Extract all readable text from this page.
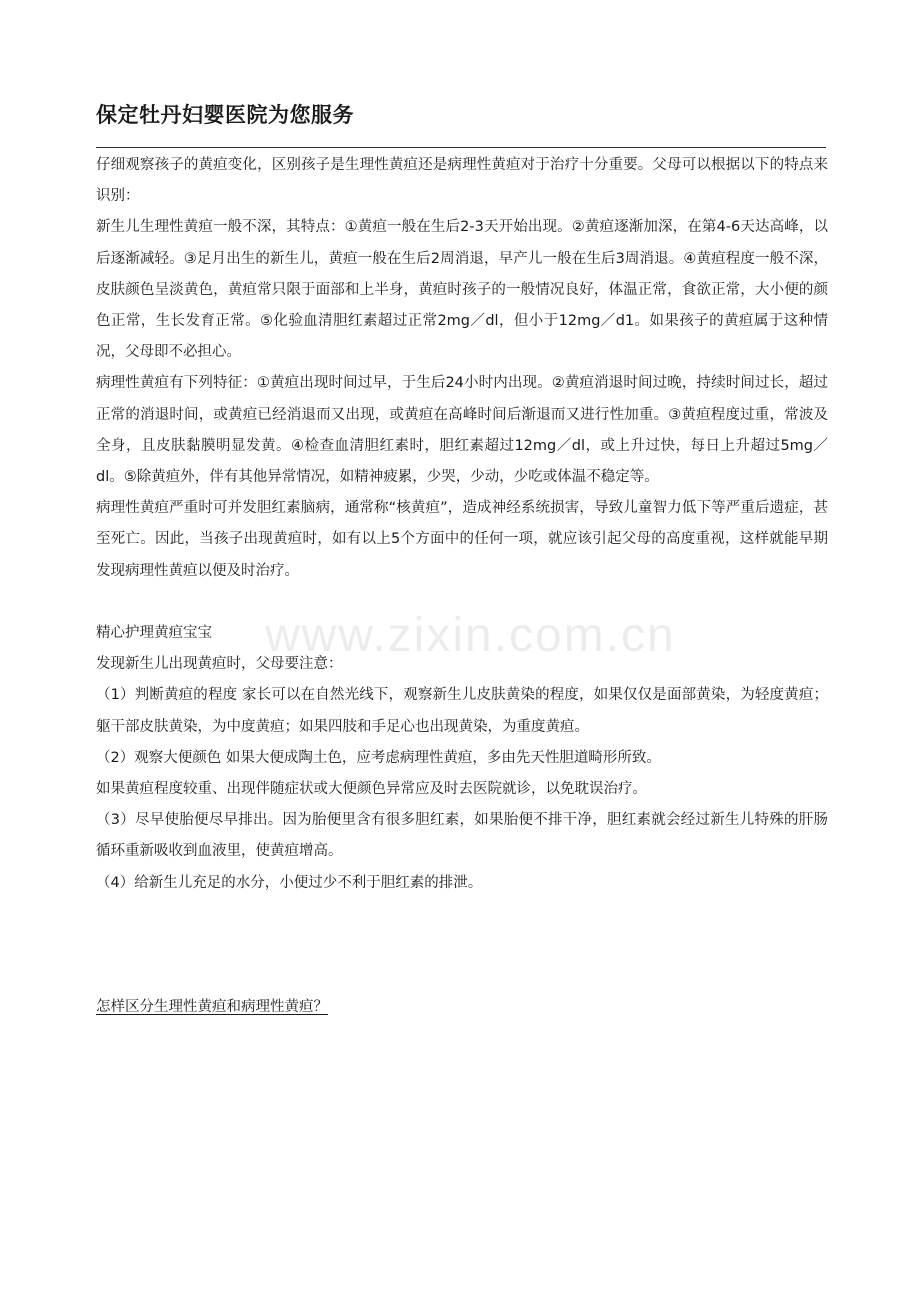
保定牡丹妇婴医院为您服务

仔细观察孩子的黄疸变化，区别孩子是生理性黄疸还是病理性黄疸对于治疗十分重要。父母可以根据以下的特点来识别：

新生儿生理性黄疸一般不深，其特点：①黄疸一般在生后2-3天开始出现。②黄疸逐渐加深，在第4-6天达高峰，以后逐渐减轻。③足月出生的新生儿，黄疸一般在生后2周消退，早产儿一般在生后3周消退。④黄疸程度一般不深，皮肤颜色呈淡黄色，黄疸常只限于面部和上半身，黄疸时孩子的一般情况良好，体温正常，食欲正常，大小便的颜色正常，生长发育正常。⑤化验血清胆红素超过正常2mg／dl，但小于12mg／d1。如果孩子的黄疸属于这种情况，父母即不必担心。

病理性黄疸有下列特征：①黄疸出现时间过早，于生后24小时内出现。②黄疸消退时间过晚，持续时间过长，超过正常的消退时间，或黄疸已经消退而又出现，或黄疸在高峰时间后渐退而又进行性加重。③黄疸程度过重，常波及全身，且皮肤黏膜明显发黄。④检查血清胆红素时，胆红素超过12mg／dl，或上升过快，每日上升超过5mg／dl。⑤除黄疸外，伴有其他异常情况，如精神疲累，少哭，少动，少吃或体温不稳定等。

病理性黄疸严重时可并发胆红素脑病，通常称“核黄疸”，造成神经系统损害，导致儿童智力低下等严重后遗症，甚至死亡。因此，当孩子出现黄疸时，如有以上5个方面中的任何一项，就应该引起父母的高度重视，这样就能早期发现病理性黄疸以便及时治疗。

精心护理黄疸宝宝

发现新生儿出现黄疸时，父母要注意：

（1）判断黄疸的程度 家长可以在自然光线下，观察新生儿皮肤黄染的程度，如果仅仅是面部黄染，为轻度黄疸；躯干部皮肤黄染，为中度黄疸；如果四肢和手足心也出现黄染，为重度黄疸。

（2）观察大便颜色 如果大便成陶土色，应考虑病理性黄疸，多由先天性胆道畸形所致。

如果黄疸程度较重、出现伴随症状或大便颜色异常应及时去医院就诊，以免耽误治疗。

（3）尽早使胎便尽早排出。因为胎便里含有很多胆红素，如果胎便不排干净，胆红素就会经过新生儿特殊的肝肠循环重新吸收到血液里，使黄疸增高。

（4）给新生儿充足的水分，小便过少不利于胆红素的排泄。

怎样区分生理性黄疸和病理性黄疸？

www.zixin.com.cn
